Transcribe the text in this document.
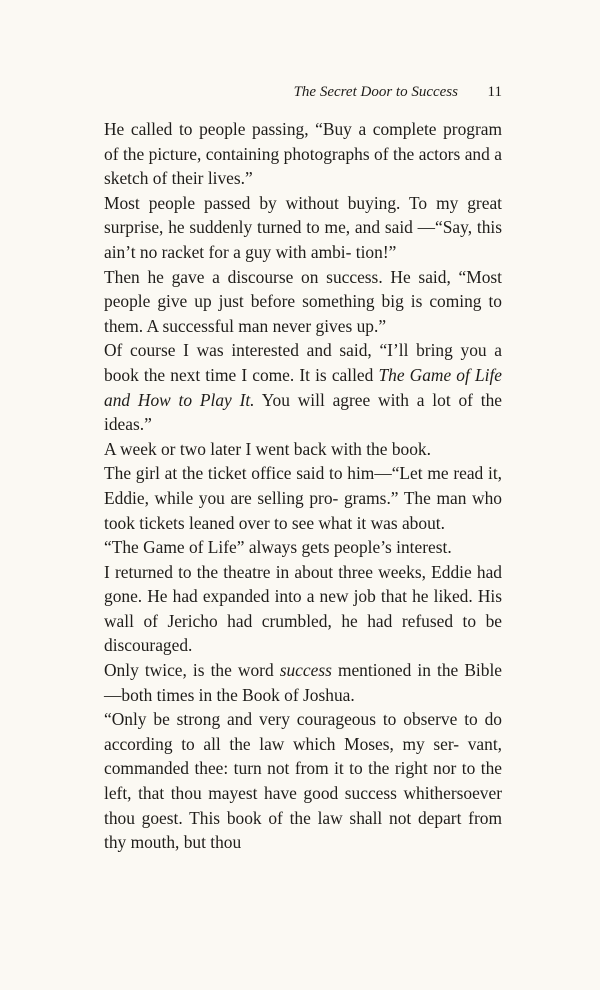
The Secret Door to Success 11

He called to people passing, “Buy a complete program of the picture, containing photographs of the actors and a sketch of their lives.”

Most people passed by without buying. To my great surprise, he suddenly turned to me, and said —“Say, this ain’t no racket for a guy with ambi- tion!”

Then he gave a discourse on success. He said, “Most people give up just before something big is coming to them. A successful man never gives up.”

Of course I was interested and said, “I’ll bring you a book the next time I come. It is called The Game of Life and How to Play It. You will agree with a lot of the ideas.”

A week or two later I went back with the book.

The girl at the ticket office said to him—“Let me read it, Eddie, while you are selling pro- grams.” The man who took tickets leaned over to see what it was about.

“The Game of Life” always gets people’s interest.

I returned to the theatre in about three weeks, Eddie had gone. He had expanded into a new job that he liked. His wall of Jericho had crumbled, he had refused to be discouraged.

Only twice, is the word success mentioned in the Bible—both times in the Book of Joshua.

“Only be strong and very courageous to observe to do according to all the law which Moses, my ser- vant, commanded thee: turn not from it to the right nor to the left, that thou mayest have good success whithersoever thou goest. This book of the law shall not depart from thy mouth, but thou
